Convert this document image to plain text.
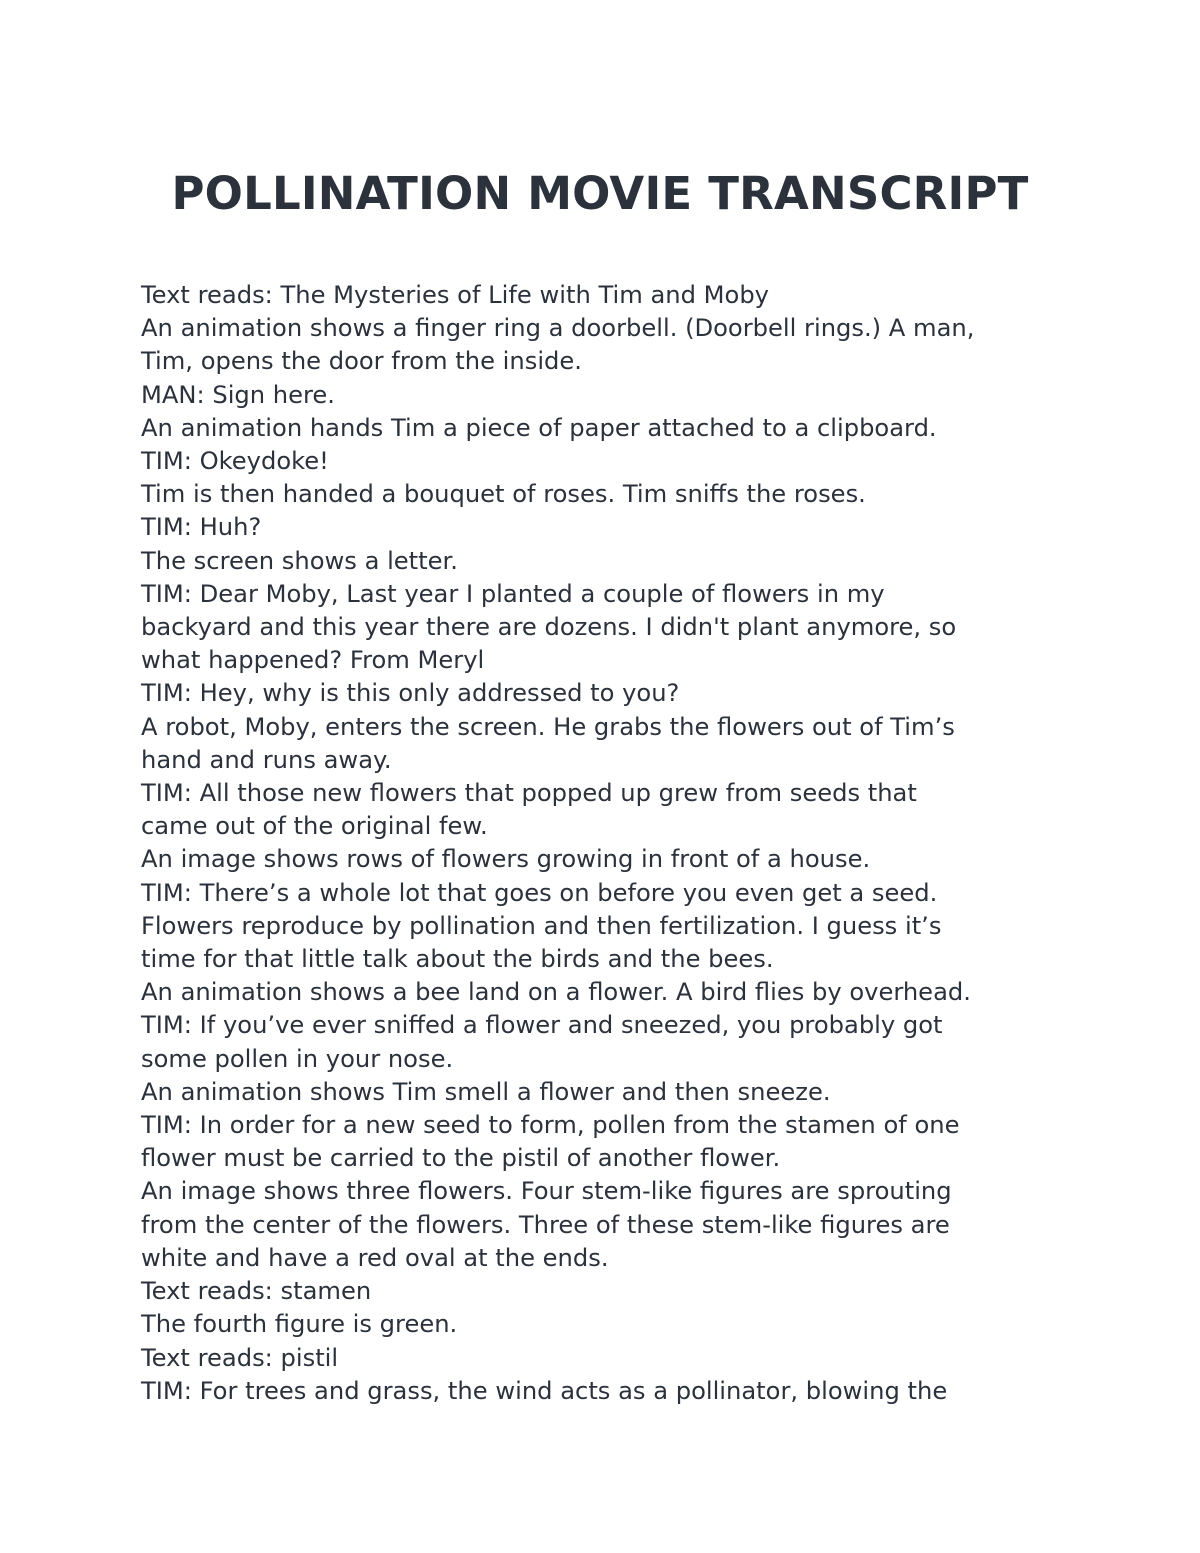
POLLINATION MOVIE TRANSCRIPT
Text reads: The Mysteries of Life with Tim and Moby
An animation shows a finger ring a doorbell. (Doorbell rings.) A man,
Tim, opens the door from the inside.
MAN: Sign here.
An animation hands Tim a piece of paper attached to a clipboard.
TIM: Okeydoke!
Tim is then handed a bouquet of roses. Tim sniffs the roses.
TIM: Huh?
The screen shows a letter.
TIM: Dear Moby, Last year I planted a couple of flowers in my
backyard and this year there are dozens. I didn't plant anymore, so
what happened? From Meryl
TIM: Hey, why is this only addressed to you?
A robot, Moby, enters the screen. He grabs the flowers out of Tim’s
hand and runs away.
TIM: All those new flowers that popped up grew from seeds that
came out of the original few.
An image shows rows of flowers growing in front of a house.
TIM: There’s a whole lot that goes on before you even get a seed.
Flowers reproduce by pollination and then fertilization. I guess it’s
time for that little talk about the birds and the bees.
An animation shows a bee land on a flower. A bird flies by overhead.
TIM: If you’ve ever sniffed a flower and sneezed, you probably got
some pollen in your nose.
An animation shows Tim smell a flower and then sneeze.
TIM: In order for a new seed to form, pollen from the stamen of one
flower must be carried to the pistil of another flower.
An image shows three flowers. Four stem-like figures are sprouting
from the center of the flowers. Three of these stem-like figures are
white and have a red oval at the ends.
Text reads: stamen
The fourth figure is green.
Text reads: pistil
TIM: For trees and grass, the wind acts as a pollinator, blowing the
